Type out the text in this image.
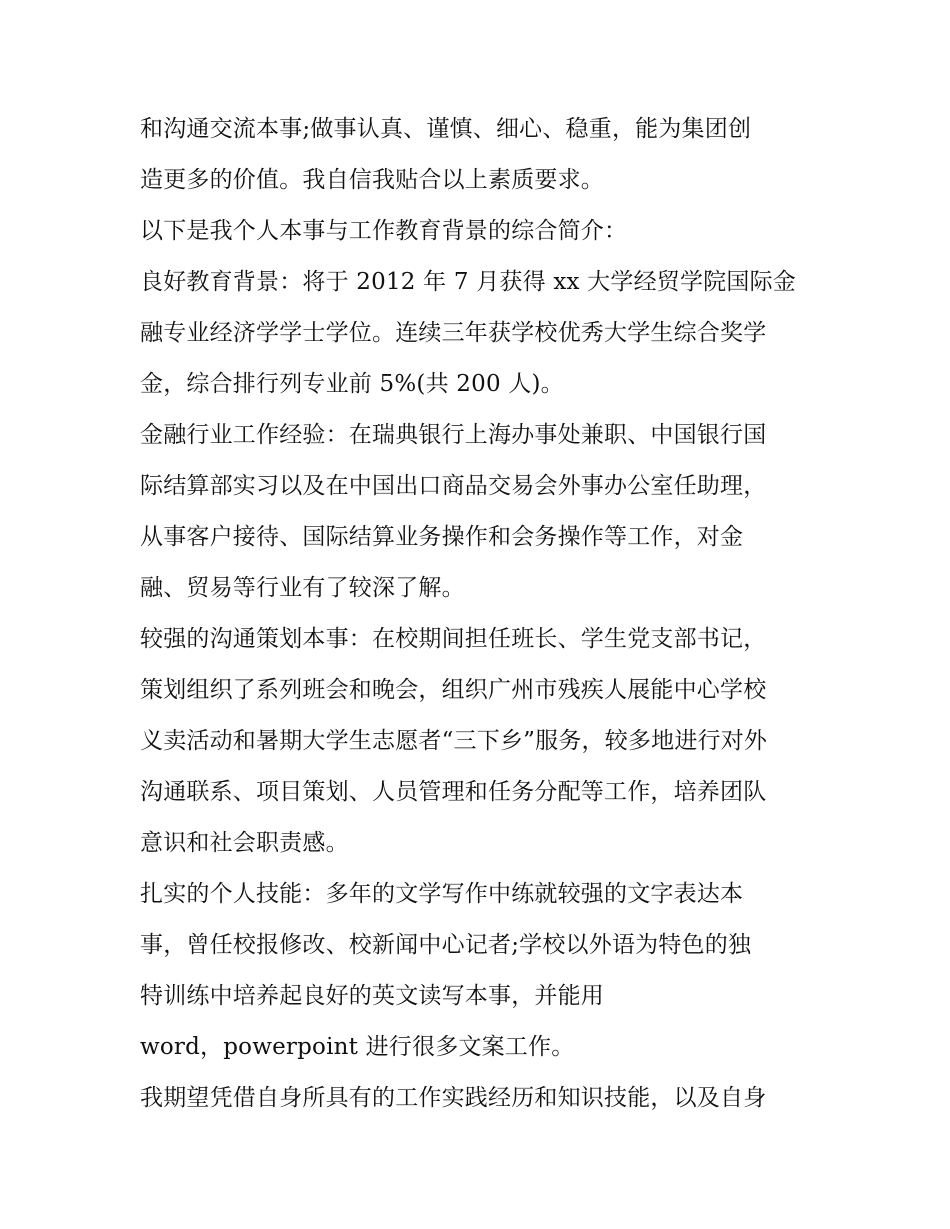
和沟通交流本事;做事认真、谨慎、细心、稳重，能为集团创
造更多的价值。我自信我贴合以上素质要求。
以下是我个人本事与工作教育背景的综合简介：
良好教育背景：将于 2012 年 7 月获得 xx 大学经贸学院国际金
融专业经济学学士学位。连续三年获学校优秀大学生综合奖学
金，综合排行列专业前 5%(共 200 人)。
金融行业工作经验：在瑞典银行上海办事处兼职、中国银行国
际结算部实习以及在中国出口商品交易会外事办公室任助理，
从事客户接待、国际结算业务操作和会务操作等工作，对金
融、贸易等行业有了较深了解。
较强的沟通策划本事：在校期间担任班长、学生党支部书记，
策划组织了系列班会和晚会，组织广州市残疾人展能中心学校
义卖活动和暑期大学生志愿者“三下乡”服务，较多地进行对外
沟通联系、项目策划、人员管理和任务分配等工作，培养团队
意识和社会职责感。
扎实的个人技能：多年的文学写作中练就较强的文字表达本
事，曾任校报修改、校新闻中心记者;学校以外语为特色的独
特训练中培养起良好的英文读写本事，并能用
word，powerpoint 进行很多文案工作。
我期望凭借自身所具有的工作实践经历和知识技能，以及自身
